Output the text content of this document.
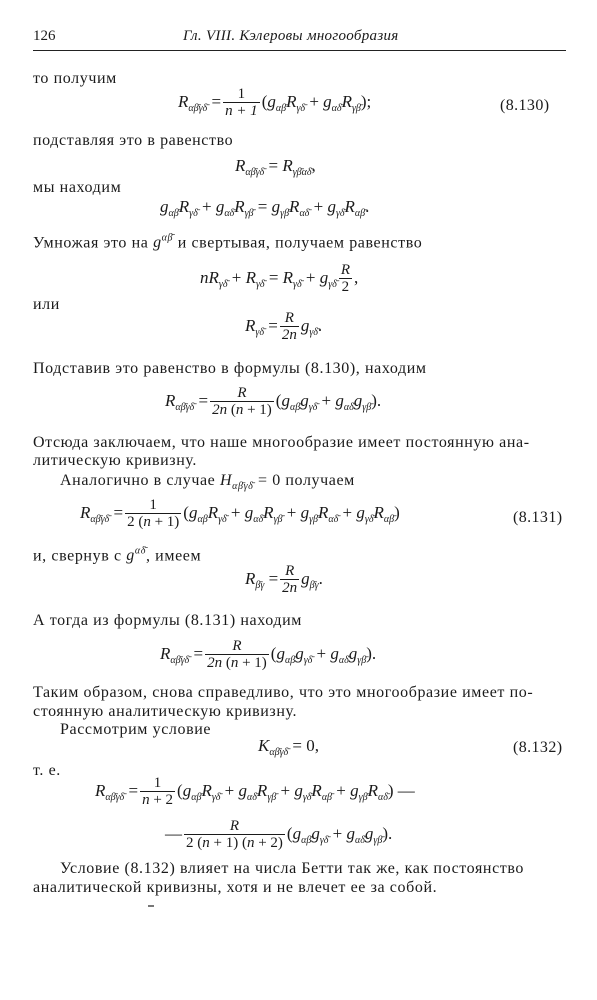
126	Гл. VIII. Кэлеровы многообразия
то получим
$R_{\alpha\betā\gamma\deltā} = \frac{1}{n + 1} (g_{\alpha\betā}R_{\gamma\deltā} + g_{\alpha\deltā}R_{\gamma\betā})$;	(8.130)
подставляя это в равенство
$R_{\alpha\betā\gamma\deltā} = R_{\gamma\betā\alpha\deltā}$,
мы находим
$g_{\alpha\betā}R_{\gamma\deltā} + g_{\alpha\deltā}R_{\gamma\betā} = g_{\gamma\betā}R_{\alpha\deltā} + g_{\gamma\deltā}R_{\alpha\betā}$.
Умножая это на $g^{\alpha\betā}$ и свертывая, получаем равенство
$nR_{\gamma\deltā} + R_{\gamma\deltā} = R_{\gamma\deltā} + g_{\gamma\deltā} \frac{R}{2}$ ,
или
$R_{\gamma\deltā} = \frac{R}{2n} g_{\gamma\deltā}$.
Подставив это равенство в формулы (8.130), находим
$R_{\alpha\betā\gamma\deltā} = \frac{R}{2n (n + 1)} (g_{\alpha\betā}g_{\gamma\deltā} + g_{\alpha\deltā}g_{\gamma\betā})$.
Отсюда заключаем, что наше многообразие имеет постоянную ана-
литическую кривизну.
Аналогично в случае $H_{\alpha\betā\gamma\deltā} = 0$ получаем
$R_{\alpha\betā\gamma\deltā} = \frac{1}{2 (n + 1)} (g_{\alpha\beta}R_{\gamma\deltā} + g_{\alpha\deltā}R_{\gamma\betā} + g_{\gamma\betā}R_{\alpha\deltā} + g_{\gamma\deltā}R_{\alpha\betā})$	(8.131)
и, свернув с $g^{\alpha\deltā}$, имеем
$R_{\betā\gamma} = \frac{R}{2n} g_{\betā\gamma}$.
А тогда из формулы (8.131) находим
$R_{\alpha\betā\gamma\deltā} = \frac{R}{2n (n + 1)} (g_{\alpha\betā}g_{\gamma\deltā} + g_{\alpha\deltā}g_{\gamma\betā})$.
Таким образом, снова справедливо, что это многообразие имеет по-
стоянную аналитическую кривизну.
Рассмотрим условие
$K_{\alpha\betā\gamma\deltā} = 0$,	(8.132)
т. е.
$R_{\alpha\betā\gamma\deltā} = \frac{1}{n + 2} (g_{\alpha\betā}R_{\gamma\deltā} + g_{\alpha\deltā}R_{\gamma\betā} + g_{\gamma\deltā}R_{\alpha\betā} + g_{\gamma\betā}R_{\alpha\deltā})$ —
— $\frac{R}{2 (n + 1) (n + 2)} (g_{\alpha\betā}g_{\gamma\deltā} + g_{\alpha\deltā}g_{\gamma\betā})$.
Условие (8.132) влияет на числа Бетти так же, как постоянство
аналитической кривизны, хотя и не влечет ее за собой.
